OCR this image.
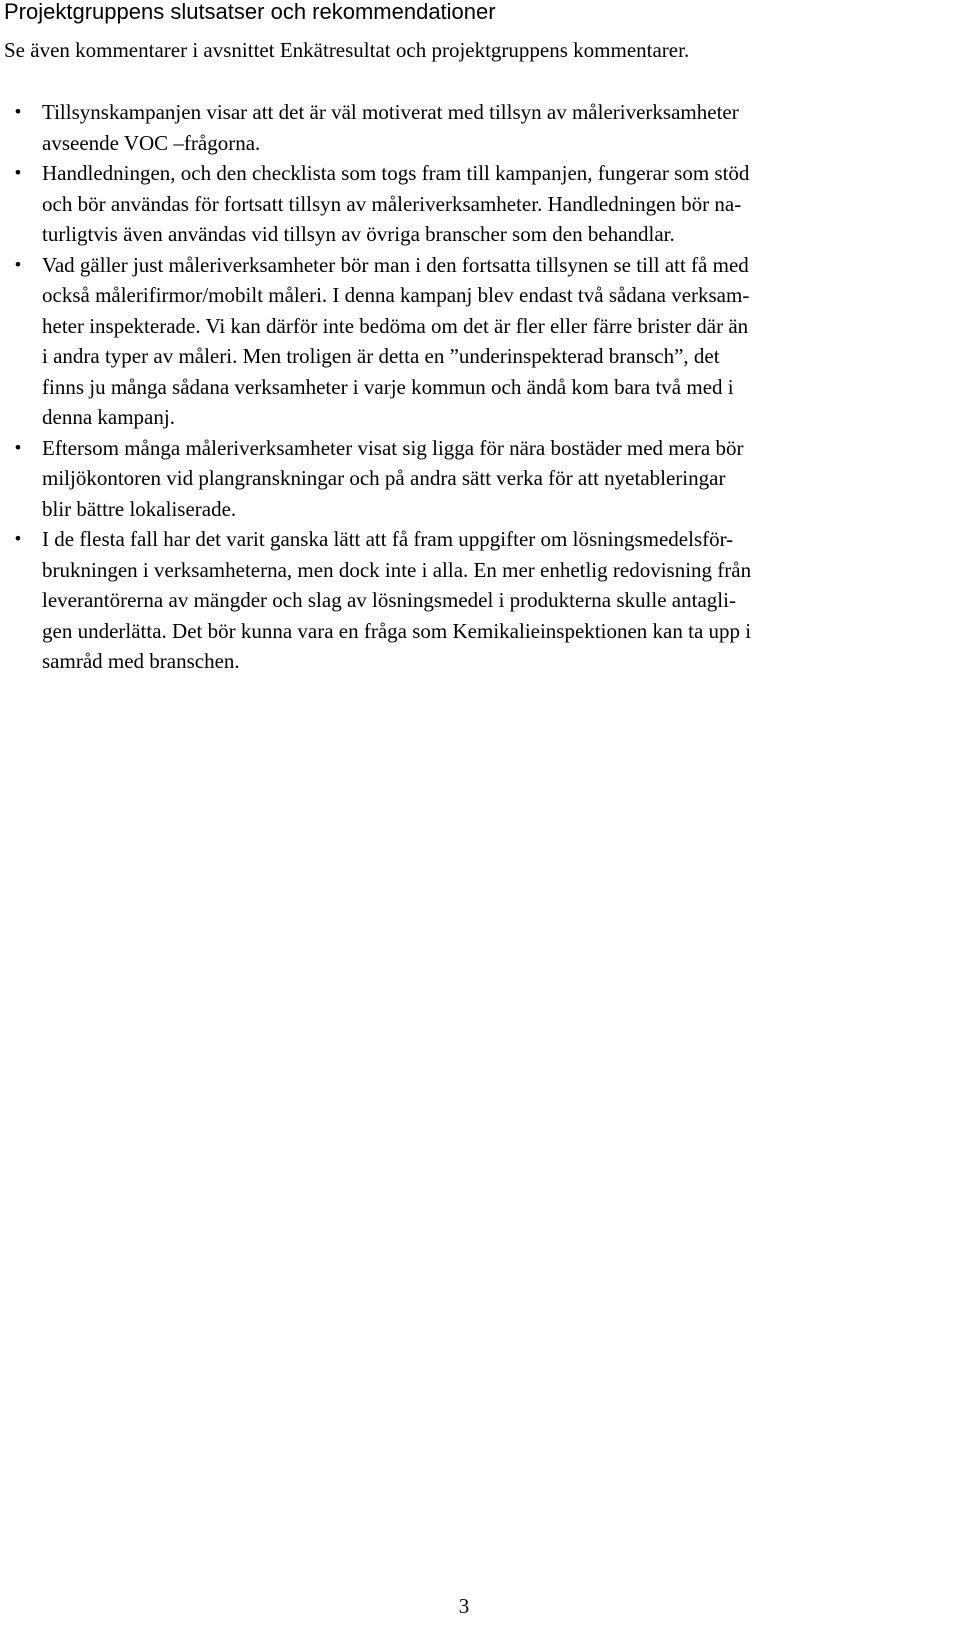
Projektgruppens slutsatser och rekommendationer

Se även kommentarer i avsnittet Enkätresultat och projektgruppens kommentarer.

• Tillsynskampanjen visar att det är väl motiverat med tillsyn av måleriverksamheter
avseende VOC –frågorna.
• Handledningen, och den checklista som togs fram till kampanjen, fungerar som stöd
och bör användas för fortsatt tillsyn av måleriverksamheter. Handledningen bör na-
turligtvis även användas vid tillsyn av övriga branscher som den behandlar.
• Vad gäller just måleriverksamheter bör man i den fortsatta tillsynen se till att få med
också målerifirmor/mobilt måleri. I denna kampanj blev endast två sådana verksam-
heter inspekterade. Vi kan därför inte bedöma om det är fler eller färre brister där än
i andra typer av måleri. Men troligen är detta en ”underinspekterad bransch”, det
finns ju många sådana verksamheter i varje kommun och ändå kom bara två med i
denna kampanj.
• Eftersom många måleriverksamheter visat sig ligga för nära bostäder med mera bör
miljökontoren vid plangranskningar och på andra sätt verka för att nyetableringar
blir bättre lokaliserade.
• I de flesta fall har det varit ganska lätt att få fram uppgifter om lösningsmedelsför-
brukningen i verksamheterna, men dock inte i alla. En mer enhetlig redovisning från
leverantörerna av mängder och slag av lösningsmedel i produkterna skulle antagli-
gen underlätta. Det bör kunna vara en fråga som Kemikalieinspektionen kan ta upp i
samråd med branschen.
3
